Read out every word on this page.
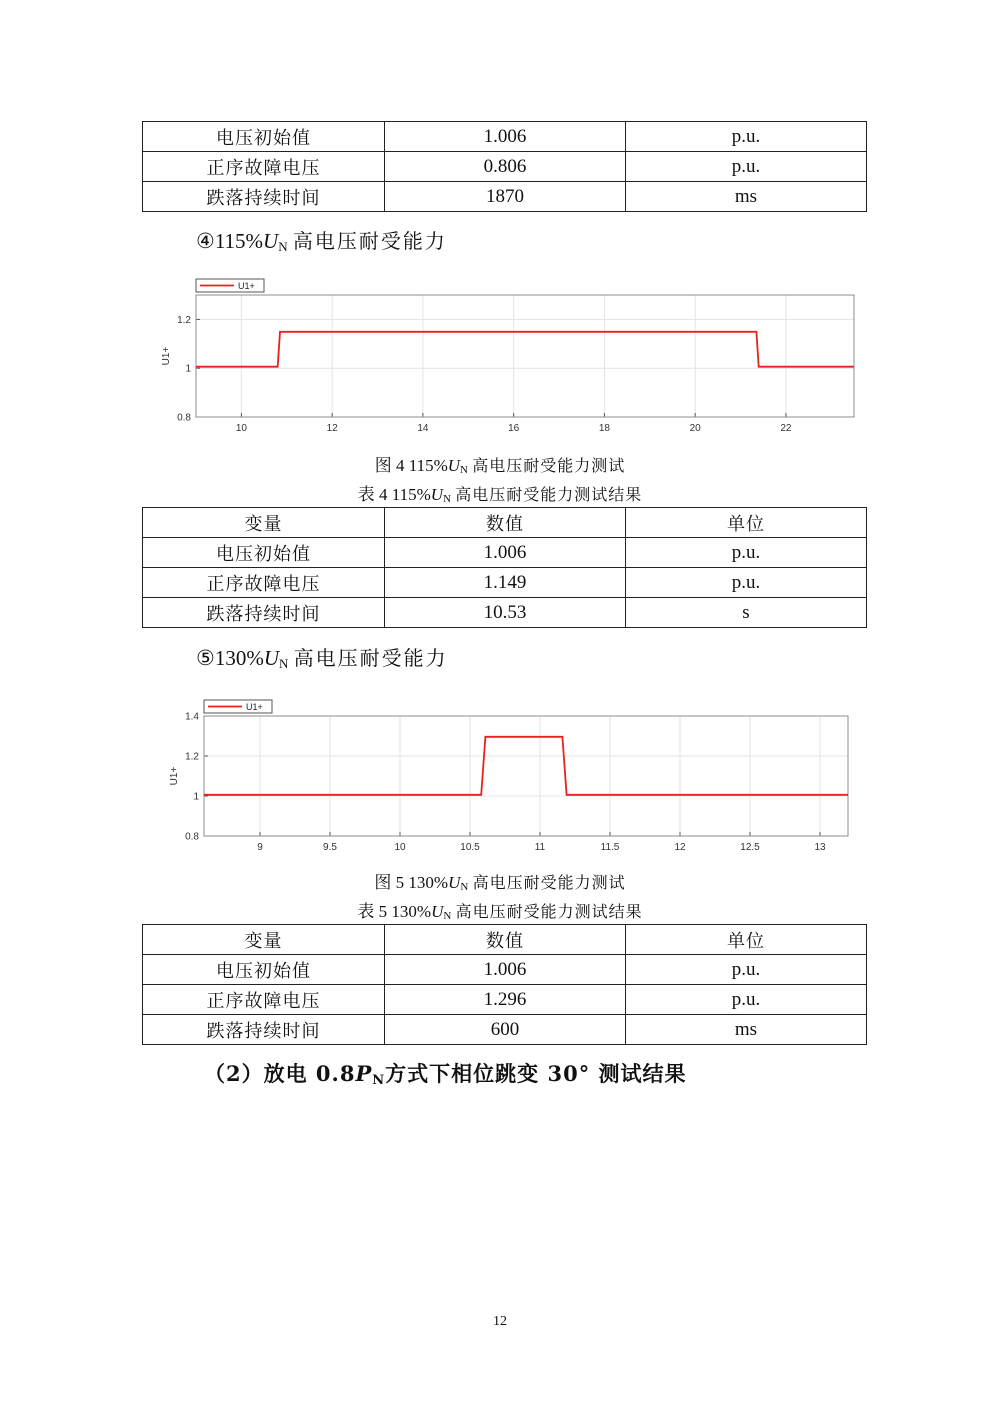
电压初始值	1.006	p.u.
正序故障电压	0.806	p.u.
跌落持续时间	1870	ms
$④115\%U_N$ 高电压耐受能力
10	12	14	16	18	20	22
0.8
1
1.2
U1+
U1+
图 4 $115\%U_N$ 高电压耐受能力测试
表 4 $115\%U_N$ 高电压耐受能力测试结果
变量	数值	单位
电压初始值	1.006	p.u.
正序故障电压	1.149	p.u.
跌落持续时间	10.53	s
$⑤130\%U_N$ 高电压耐受能力
9	9.5	10	10.5	11	11.5	12	12.5	13
0.8
1
1.2
1.4
U1+
U1+
图 5 $130\%U_N$ 高电压耐受能力测试
表 5 $130\%U_N$ 高电压耐受能力测试结果
变量	数值	单位
电压初始值	1.006	p.u.
正序故障电压	1.296	p.u.
跌落持续时间	600	ms
（2）放电 $0.8P_N$方式下相位跳变 30° 测试结果
12
